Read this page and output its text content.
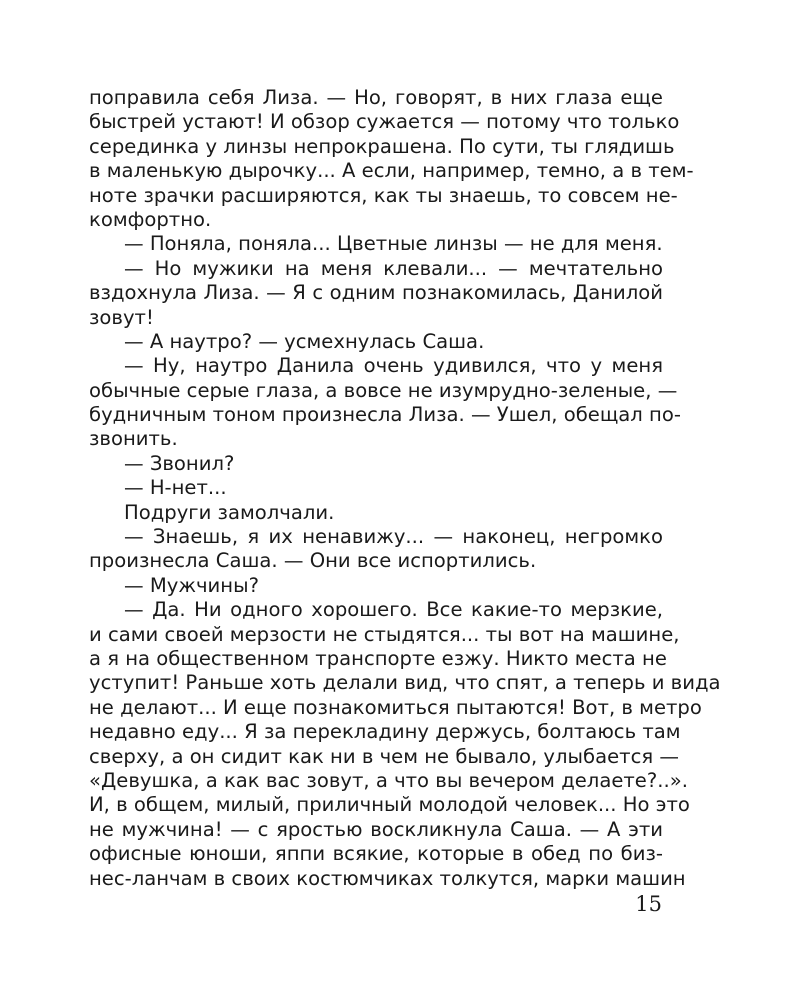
поправила себя Лиза. — Но, говорят, в них глаза еще
быстрей устают! И обзор сужается — потому что только
серединка у линзы непрокрашена. По сути, ты глядишь
в маленькую дырочку... А если, например, темно, а в тем-
ноте зрачки расширяются, как ты знаешь, то совсем не-
комфортно.
— Поняла, поняла... Цветные линзы — не для меня.
— Но мужики на меня клевали... — мечтательно
вздохнула Лиза. — Я с одним познакомилась, Данилой
зовут!
— А наутро? — усмехнулась Саша.
— Ну, наутро Данила очень удивился, что у меня
обычные серые глаза, а вовсе не изумрудно-зеленые, —
будничным тоном произнесла Лиза. — Ушел, обещал по-
звонить.
— Звонил?
— Н-нет...
Подруги замолчали.
— Знаешь, я их ненавижу... — наконец, негромко
произнесла Саша. — Они все испортились.
— Мужчины?
— Да. Ни одного хорошего. Все какие-то мерзкие,
и сами своей мерзости не стыдятся... ты вот на машине,
а я на общественном транспорте езжу. Никто места не
уступит! Раньше хоть делали вид, что спят, а теперь и вида
не делают... И еще познакомиться пытаются! Вот, в метро
недавно еду... Я за перекладину держусь, болтаюсь там
сверху, а он сидит как ни в чем не бывало, улыбается —
«Девушка, а как вас зовут, а что вы вечером делаете?..».
И, в общем, милый, приличный молодой человек... Но это
не мужчина! — с яростью воскликнула Саша. — А эти
офисные юноши, яппи всякие, которые в обед по биз-
нес-ланчам в своих костюмчиках толкутся, марки машин
15
